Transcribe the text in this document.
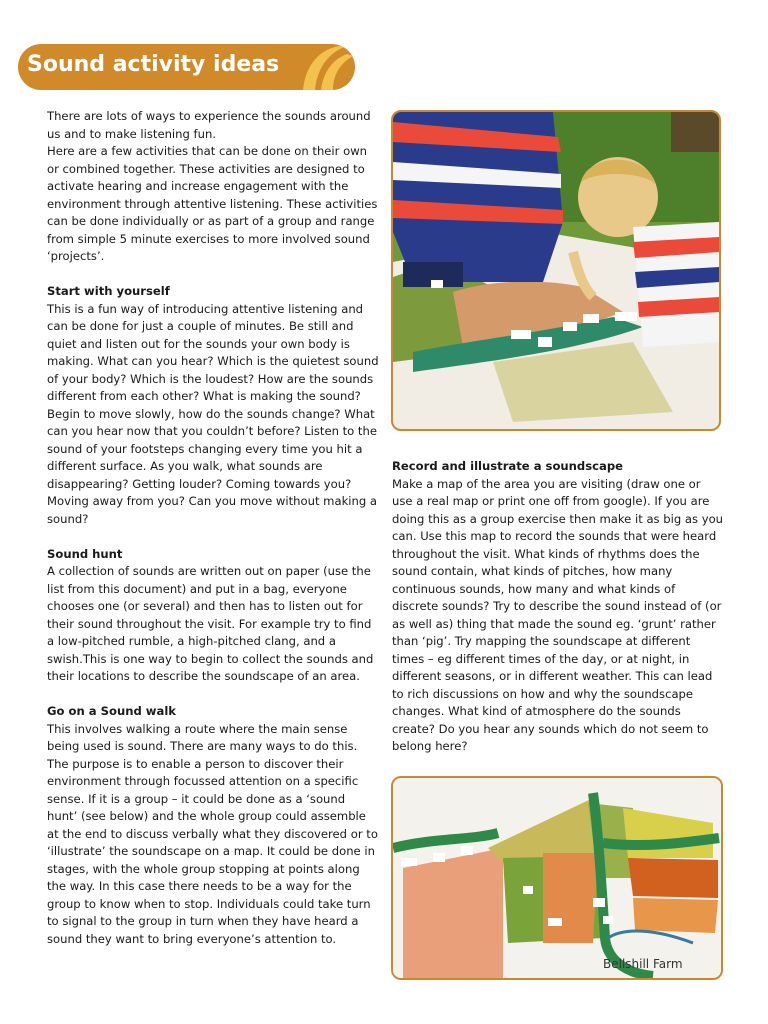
Sound activity ideas

There are lots of ways to experience the sounds around us and to make listening fun.

Here are a few activities that can be done on their own or combined together. These activities are designed to activate hearing and increase engagement with the environment through attentive listening. These activities can be done individually or as part of a group and range from simple 5 minute exercises to more involved sound ‘projects’.

Start with yourself

This is a fun way of introducing attentive listening and can be done for just a couple of minutes. Be still and quiet and listen out for the sounds your own body is making. What can you hear? Which is the quietest sound of your body? Which is the loudest? How are the sounds different from each other? What is making the sound? Begin to move slowly, how do the sounds change? What can you hear now that you couldn’t before? Listen to the sound of your footsteps changing every time you hit a different surface. As you walk, what sounds are disappearing? Getting louder? Coming towards you? Moving away from you? Can you move without making a sound?

Sound hunt

A collection of sounds are written out on paper (use the list from this document) and put in a bag, everyone chooses one (or several) and then has to listen out for their sound throughout the visit. For example try to find a low-pitched rumble, a high-pitched clang, and a swish.This is one way to begin to collect the sounds and their locations to describe the soundscape of an area.

Go on a Sound walk

This involves walking a route where the main sense being used is sound. There are many ways to do this. The purpose is to enable a person to discover their environment through focussed attention on a specific sense. If it is a group – it could be done as a ‘sound hunt’ (see below) and the whole group could assemble at the end to discuss verbally what they discovered or to ‘illustrate’ the soundscape on a map. It could be done in stages, with the whole group stopping at points along the way. In this case there needs to be a way for the group to know when to stop. Individuals could take turn to signal to the group in turn when they have heard a sound they want to bring everyone’s attention to.

Record and illustrate a soundscape

Make a map of the area you are visiting (draw one or use a real map or print one off from google). If you are doing this as a group exercise then make it as big as you can. Use this map to record the sounds that were heard throughout the visit. What kinds of rhythms does the sound contain, what kinds of pitches, how many continuous sounds, how many and what kinds of discrete sounds? Try to describe the sound instead of (or as well as) thing that made the sound eg. ‘grunt’ rather than ‘pig’. Try mapping the soundscape at different times – eg different times of the day, or at night, in different seasons, or in different weather. This can lead to rich discussions on how and why the soundscape changes. What kind of atmosphere do the sounds create? Do you hear any sounds which do not seem to belong here?

Bellshill Farm
